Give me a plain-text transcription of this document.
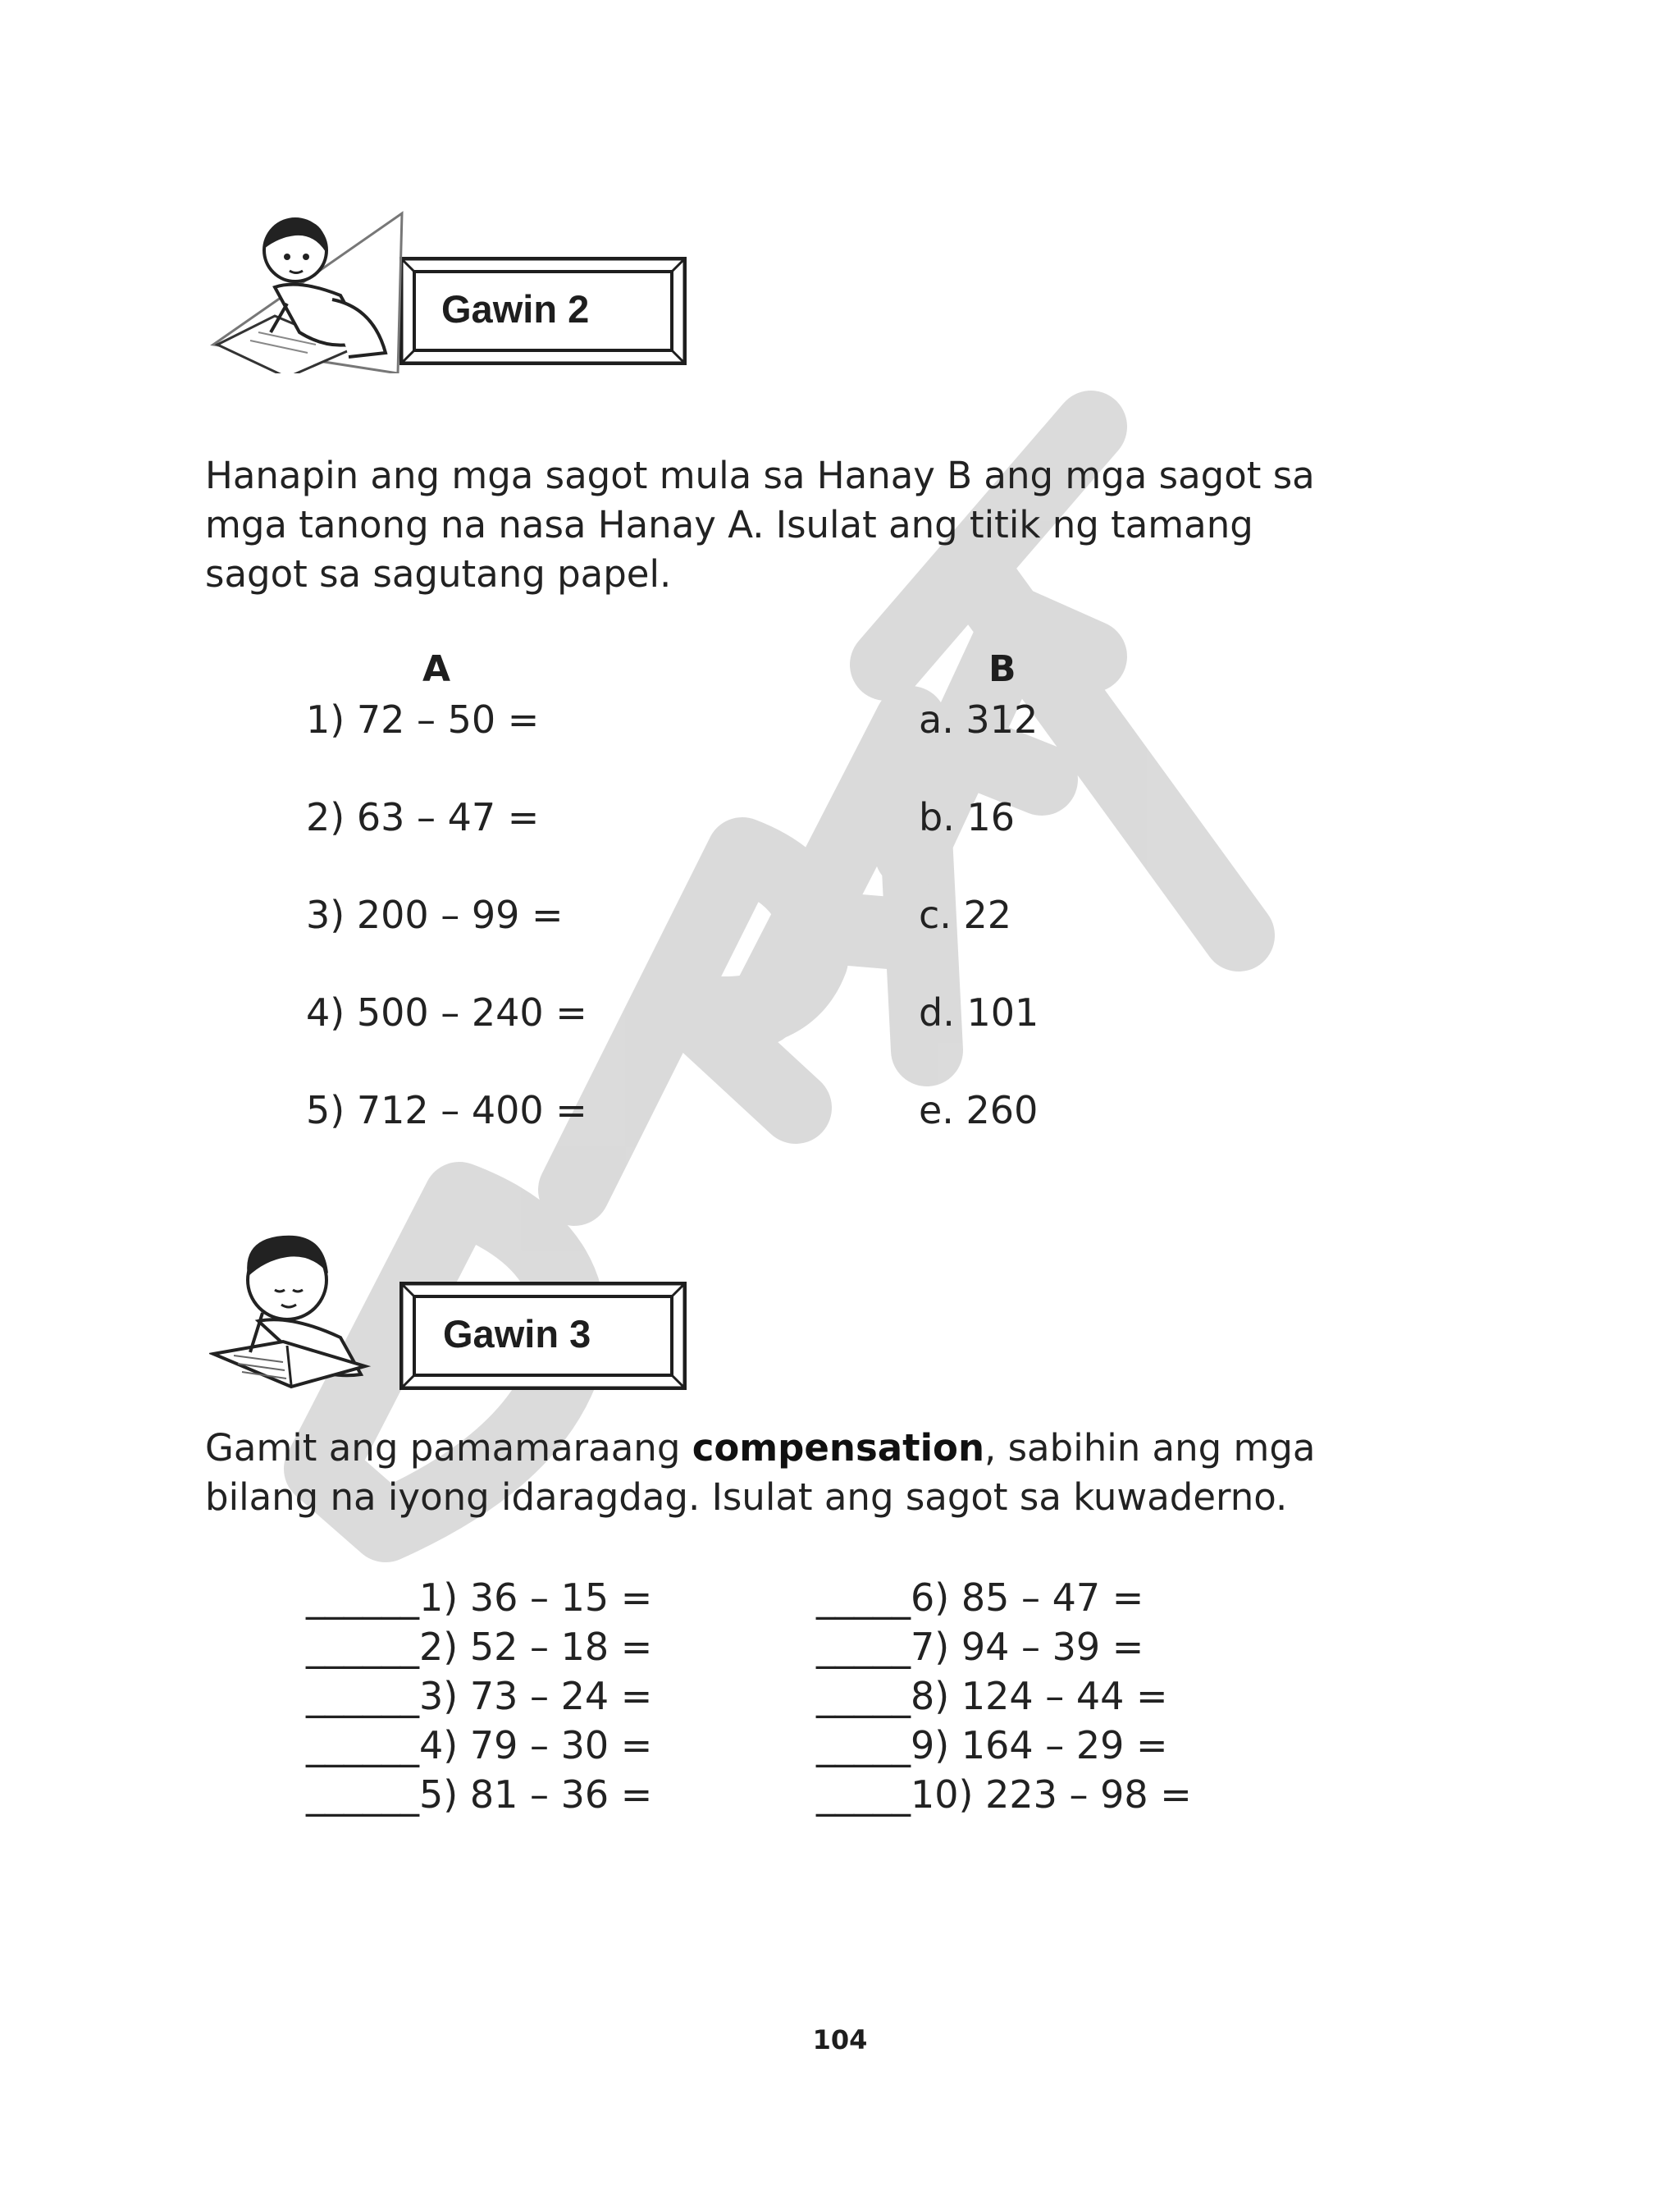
Gawin 2
Hanapin ang mga sagot mula sa Hanay B ang mga sagot sa
mga tanong na nasa Hanay A. Isulat ang titik ng tamang
sagot sa sagutang papel.
A	B
1) 72 – 50 =
2) 63 – 47 =
3) 200 – 99 =
4) 500 – 240 =
5) 712 – 400 =
a. 312
b. 16
c. 22
d. 101
e. 260
Gawin 3
Gamit ang pamamaraang compensation, sabihin ang mga
bilang na iyong idaragdag. Isulat ang sagot sa kuwaderno.
______1) 36 – 15 =
______2) 52 – 18 =
______3) 73 – 24 =
______4) 79 – 30 =
______5) 81 – 36 =
_____6) 85 – 47 =
_____7) 94 – 39 =
_____8) 124 – 44 =
_____9) 164 – 29 =
_____10) 223 – 98 =
104
